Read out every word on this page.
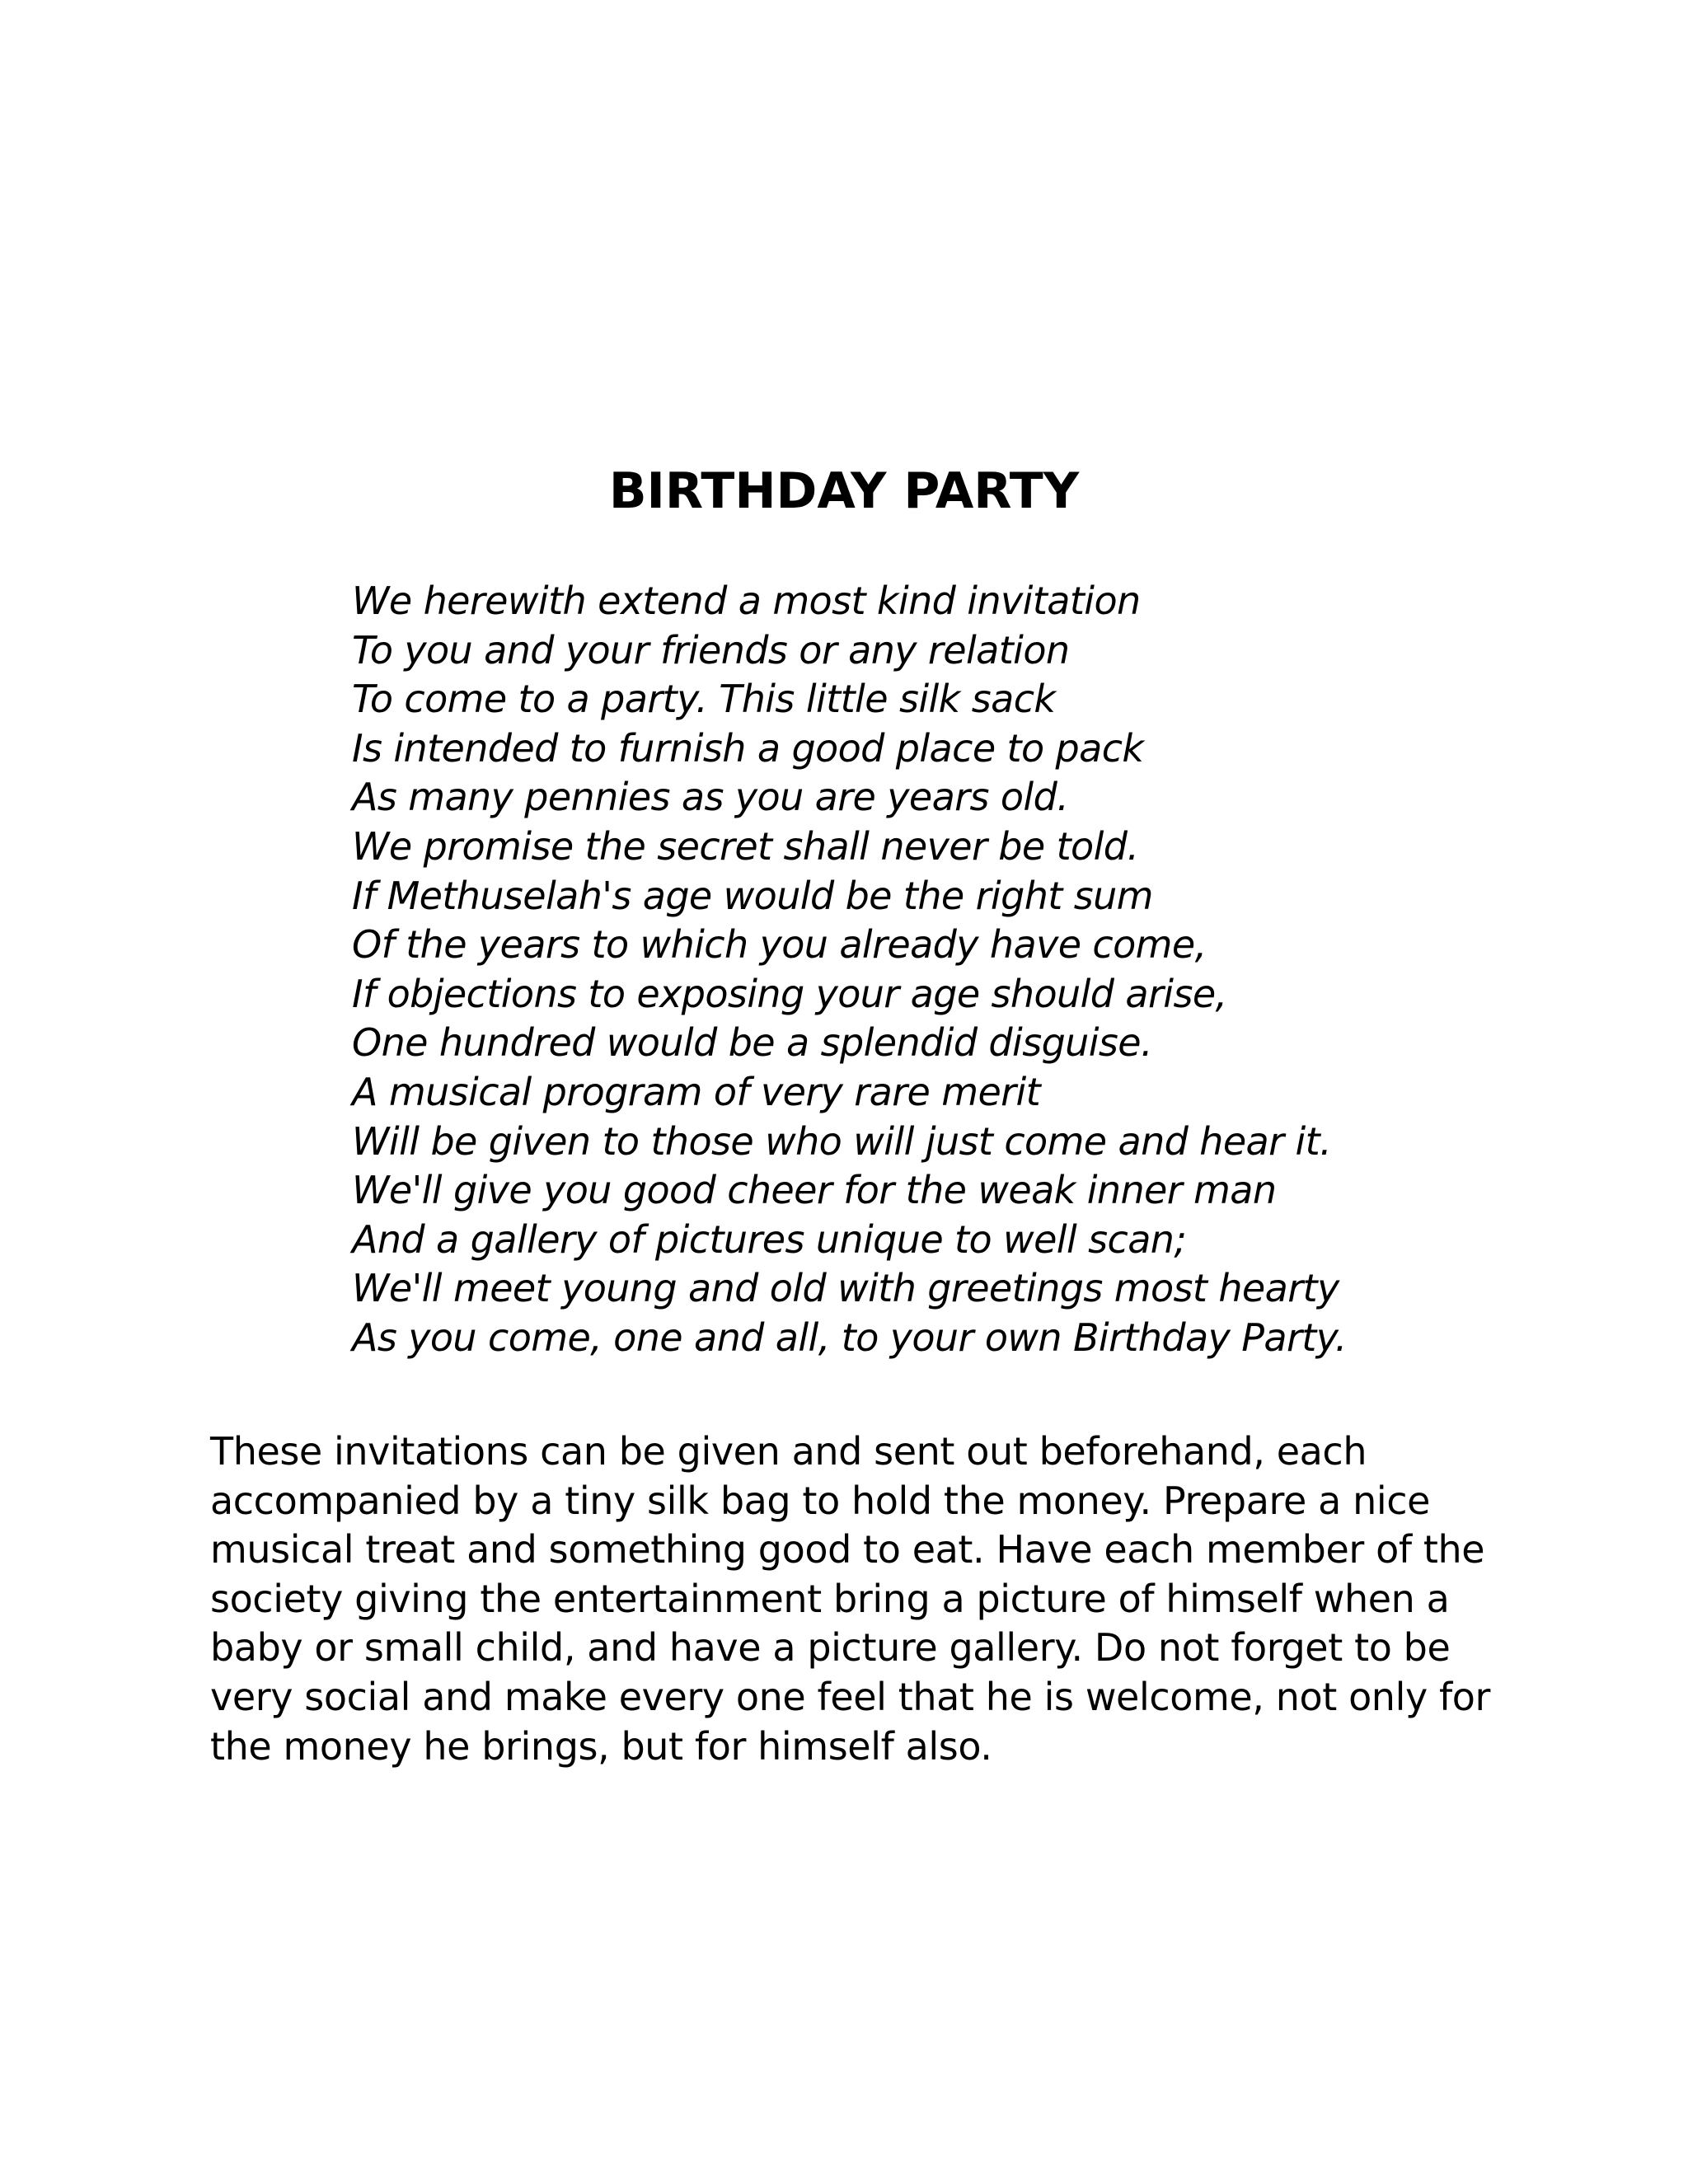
BIRTHDAY PARTY
We herewith extend a most kind invitation
To you and your friends or any relation
To come to a party. This little silk sack
Is intended to furnish a good place to pack
As many pennies as you are years old.
We promise the secret shall never be told.
If Methuselah's age would be the right sum
Of the years to which you already have come,
If objections to exposing your age should arise,
One hundred would be a splendid disguise.
A musical program of very rare merit
Will be given to those who will just come and hear it.
We'll give you good cheer for the weak inner man
And a gallery of pictures unique to well scan;
We'll meet young and old with greetings most hearty
As you come, one and all, to your own Birthday Party.
These invitations can be given and sent out beforehand, each
accompanied by a tiny silk bag to hold the money. Prepare a nice
musical treat and something good to eat. Have each member of the
society giving the entertainment bring a picture of himself when a
baby or small child, and have a picture gallery. Do not forget to be
very social and make every one feel that he is welcome, not only for
the money he brings, but for himself also.
